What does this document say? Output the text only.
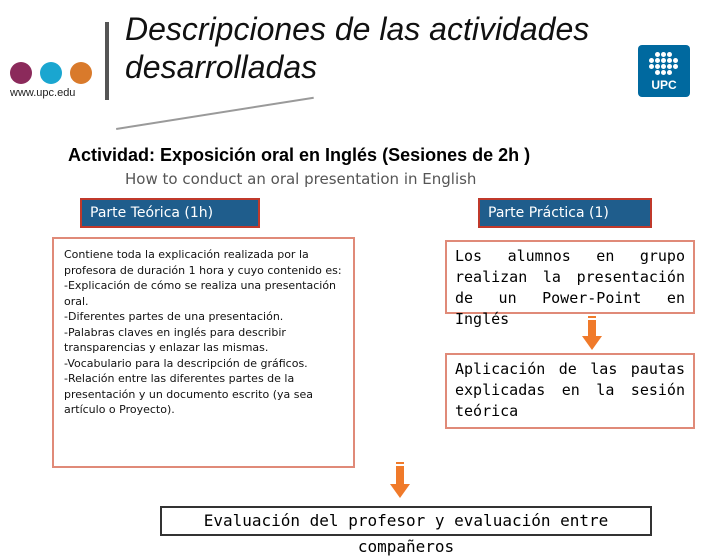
www.upc.edu
Descripciones de las actividades desarrolladas	UPC
Actividad: Exposición oral en Inglés (Sesiones de 2h )
How to conduct an oral presentation in English
Parte Teórica (1h)	Parte Práctica (1)
Contiene toda la explicación realizada por la
profesora de duración 1 hora y cuyo contenido es:
-Explicación de cómo se realiza una presentación
oral.
-Diferentes partes de una presentación.
-Palabras claves en inglés para describir
transparencias y enlazar las mismas.
-Vocabulario para la descripción de gráficos.
-Relación entre las diferentes partes de la
presentación y un documento escrito (ya sea
artículo o Proyecto).
Los alumnos en grupo realizan la presentación de un Power-Point en Inglés
Aplicación de las pautas explicadas en la sesión teórica
Evaluación del profesor y evaluación entre compañeros
